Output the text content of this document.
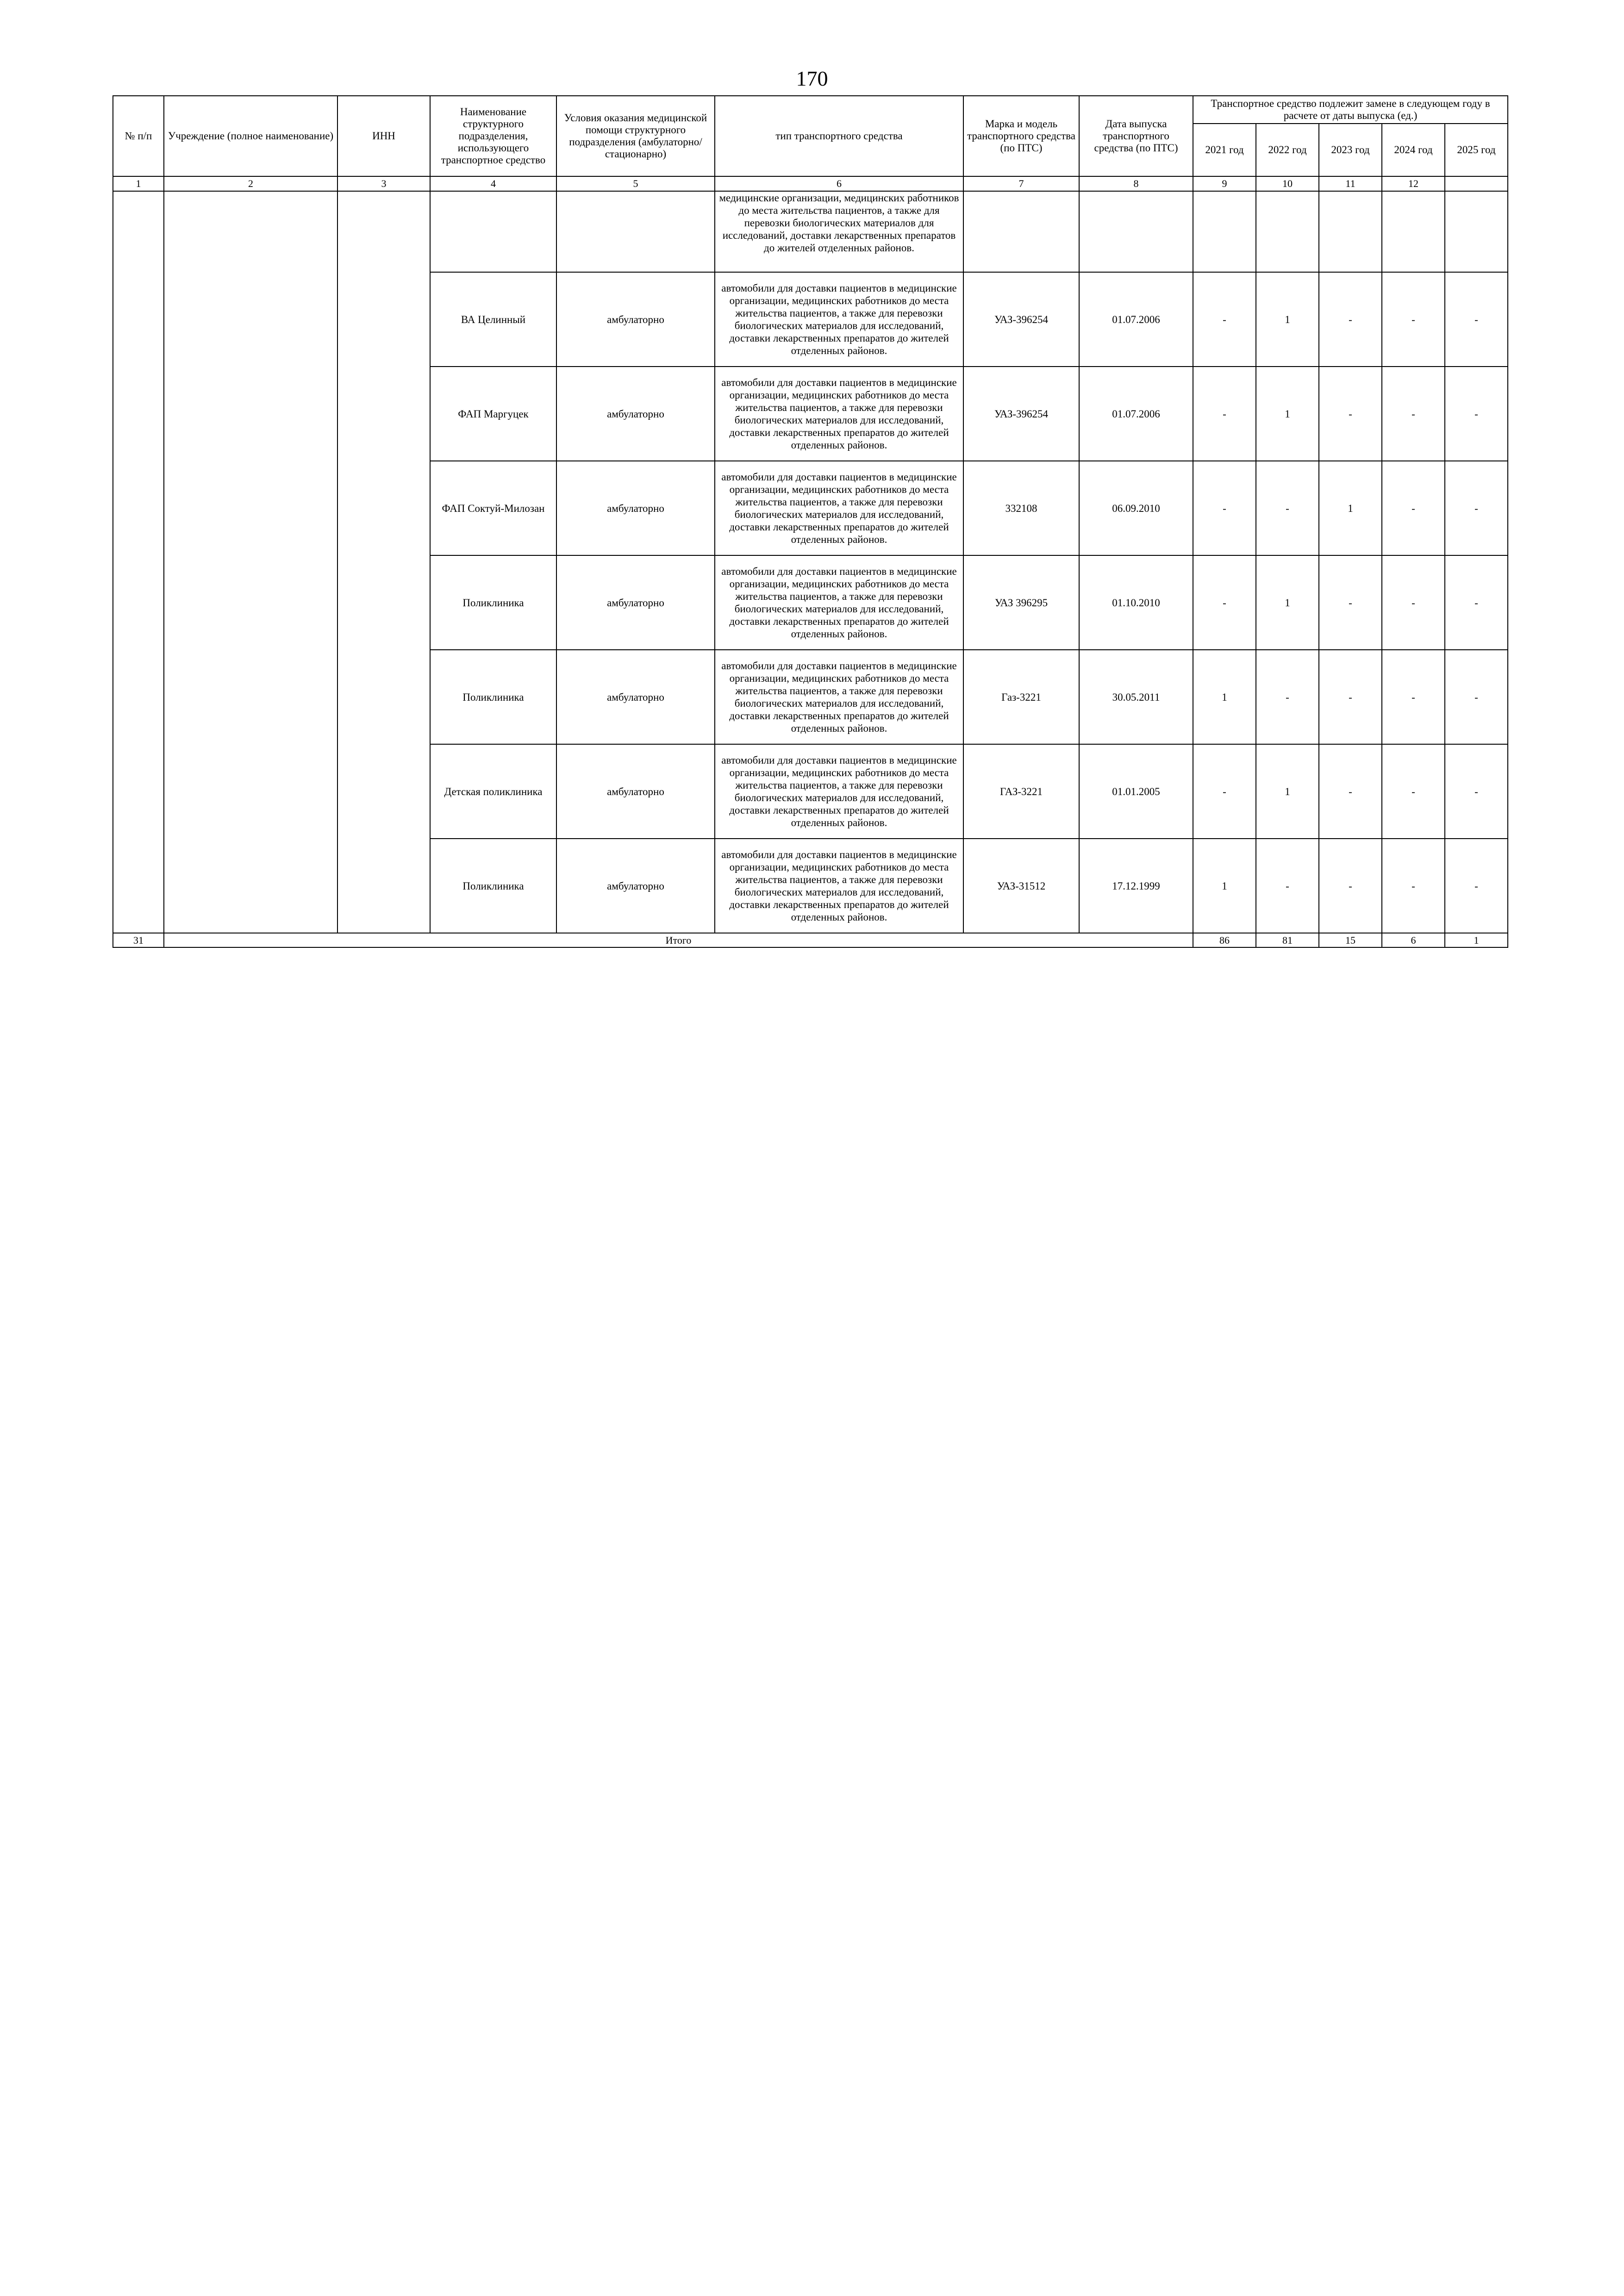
170
№ п/п	Учреждение (полное наименование)	ИНН	Наименование структурного подразделения, использующего транспортное средство	Условия оказания медицинской помощи структурного подразделения (амбулаторно/стационарно)	тип транспортного средства	Марка и модель транспортного средства (по ПТС)	Дата выпуска транспортного средства (по ПТС)	Транспортное средство подлежит замене в следующем году в расчете от даты выпуска (ед.)				
								2021 год	2022 год	2023 год	2024 год	2025 год
1	2	3	4	5	6	7	8	9	10	11	12	
					медицинские организации, медицинских работников до места жительства пациентов, а также для перевозки биологических материалов для исследований, доставки лекарственных препаратов до жителей отделенных районов.							
			ВА Целинный	амбулаторно	автомобили для доставки пациентов в медицинские организации, медицинских работников до места жительства пациентов, а также для перевозки биологических материалов для исследований, доставки лекарственных препаратов до жителей отделенных районов.	УАЗ-396254	01.07.2006	-	1	-	-	-
			ФАП Маргуцек	амбулаторно	автомобили для доставки пациентов в медицинские организации, медицинских работников до места жительства пациентов, а также для перевозки биологических материалов для исследований, доставки лекарственных препаратов до жителей отделенных районов.	УАЗ-396254	01.07.2006	-	1	-	-	-
			ФАП Соктуй-Милозан	амбулаторно	автомобили для доставки пациентов в медицинские организации, медицинских работников до места жительства пациентов, а также для перевозки биологических материалов для исследований, доставки лекарственных препаратов до жителей отделенных районов.	332108	06.09.2010	-	-	1	-	-
			Поликлиника	амбулаторно	автомобили для доставки пациентов в медицинские организации, медицинских работников до места жительства пациентов, а также для перевозки биологических материалов для исследований, доставки лекарственных препаратов до жителей отделенных районов.	УАЗ 396295	01.10.2010	-	1	-	-	-
			Поликлиника	амбулаторно	автомобили для доставки пациентов в медицинские организации, медицинских работников до места жительства пациентов, а также для перевозки биологических материалов для исследований, доставки лекарственных препаратов до жителей отделенных районов.	Газ-3221	30.05.2011	1	-	-	-	-
			Детская поликлиника	амбулаторно	автомобили для доставки пациентов в медицинские организации, медицинских работников до места жительства пациентов, а также для перевозки биологических материалов для исследований, доставки лекарственных препаратов до жителей отделенных районов.	ГАЗ-3221	01.01.2005	-	1	-	-	-
			Поликлиника	амбулаторно	автомобили для доставки пациентов в медицинские организации, медицинских работников до места жительства пациентов, а также для перевозки биологических материалов для исследований, доставки лекарственных препаратов до жителей отделенных районов.	УАЗ-31512	17.12.1999	1	-	-	-	-
31	Итого							86	81	15	6	1
